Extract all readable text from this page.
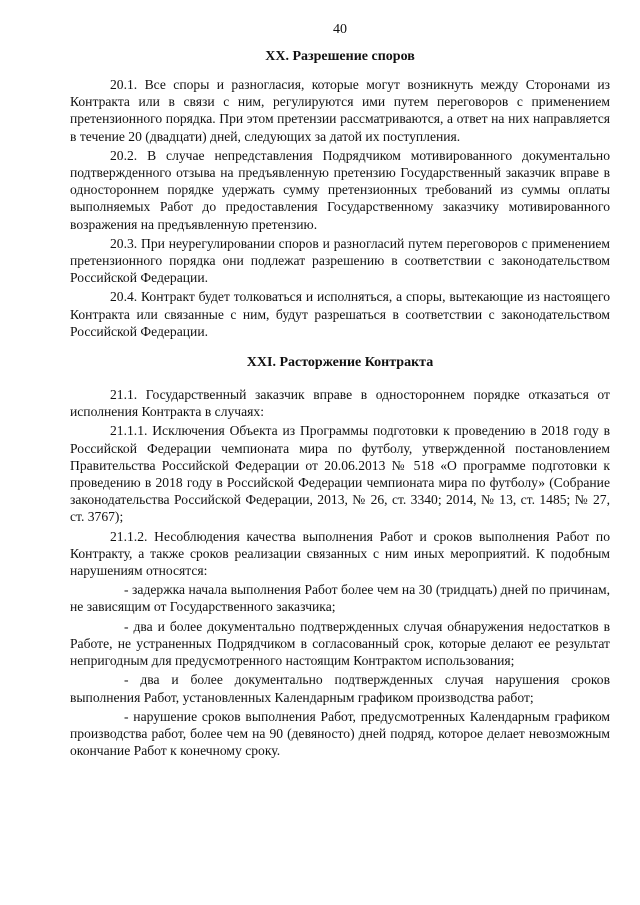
40
XX. Разрешение споров

20.1. Все споры и разногласия, которые могут возникнуть между Сторонами из Контракта или в связи с ним, регулируются ими путем переговоров с применением претензионного порядка. При этом претензии рассматриваются, а ответ на них направляется в течение 20 (двадцати) дней, следующих за датой их поступления.

20.2. В случае непредставления Подрядчиком мотивированного документально подтвержденного отзыва на предъявленную претензию Государственный заказчик вправе в одностороннем порядке удержать сумму претензионных требований из суммы оплаты выполняемых Работ до предоставления Государственному заказчику мотивированного возражения на предъявленную претензию.

20.3. При неурегулировании споров и разногласий путем переговоров с применением претензионного порядка они подлежат разрешению в соответствии с законодательством Российской Федерации.

20.4. Контракт будет толковаться и исполняться, а споры, вытекающие из настоящего Контракта или связанные с ним, будут разрешаться в соответствии с законодательством Российской Федерации.

XXI. Расторжение Контракта

21.1. Государственный заказчик вправе в одностороннем порядке отказаться от исполнения Контракта в случаях:

21.1.1. Исключения Объекта из Программы подготовки к проведению в 2018 году в Российской Федерации чемпионата мира по футболу, утвержденной постановлением Правительства Российской Федерации от 20.06.2013 № 518 «О программе подготовки к проведению в 2018 году в Российской Федерации чемпионата мира по футболу» (Собрание законодательства Российской Федерации, 2013, № 26, ст. 3340; 2014, № 13, ст. 1485; № 27, ст. 3767);

21.1.2. Несоблюдения качества выполнения Работ и сроков выполнения Работ по Контракту, а также сроков реализации связанных с ним иных мероприятий. К подобным нарушениям относятся:

- задержка начала выполнения Работ более чем на 30 (тридцать) дней по причинам, не зависящим от Государственного заказчика;

- два и более документально подтвержденных случая обнаружения недостатков в Работе, не устраненных Подрядчиком в согласованный срок, которые делают ее результат непригодным для предусмотренного настоящим Контрактом использования;

- два и более документально подтвержденных случая нарушения сроков выполнения Работ, установленных Календарным графиком производства работ;

- нарушение сроков выполнения Работ, предусмотренных Календарным графиком производства работ, более чем на 90 (девяносто) дней подряд, которое делает невозможным окончание Работ к конечному сроку.
